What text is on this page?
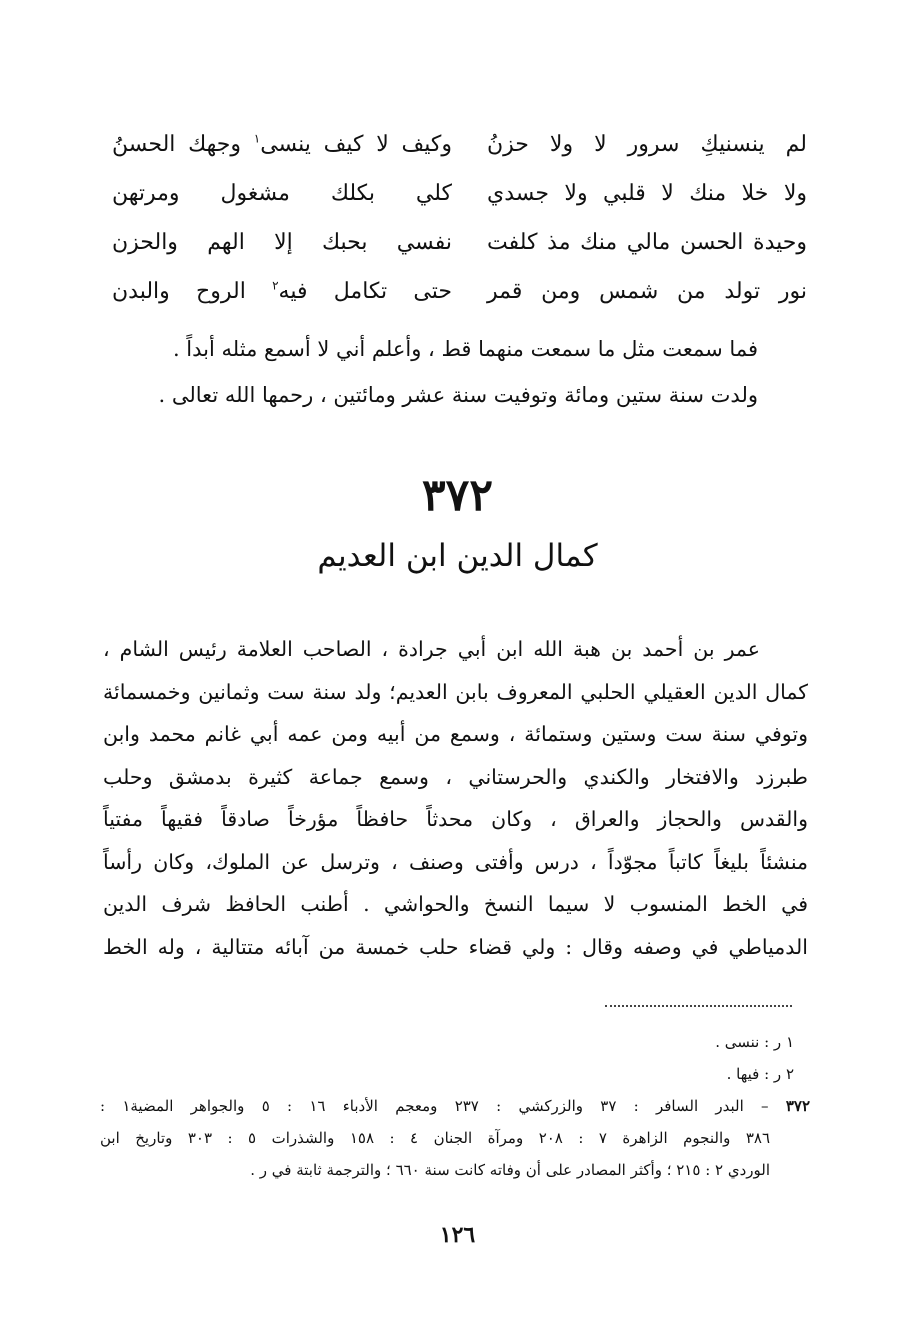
لم ينسنيكِ سرور لا ولا حزنُ
وكيف لا كيف ينسى$^١$ وجهك الحسنُ
ولا خلا منك لا قلبي ولا جسدي
كلي بكلك مشغول ومرتهن
وحيدة الحسن مالي منك مذ كلفت
نفسي بحبك إلا الهم والحزن
نور تولد من شمس ومن قمر
حتى تكامل فيه$^٢$ الروح والبدن

فما سمعت مثل ما سمعت منهما قط ، وأعلم أني لا أسمع مثله أبداً .

ولدت سنة ستين ومائة وتوفيت سنة عشر ومائتين ، رحمها الله تعالى .

٣٧٢
كمال الدين ابن العديم

عمر بن أحمد بن هبة الله ابن أبي جرادة ، الصاحب العلامة رئيس الشام ،

كمال الدين العقيلي الحلبي المعروف بابن العديم؛ ولد سنة ست وثمانين وخمسمائة

وتوفي سنة ست وستين وستمائة ، وسمع من أبيه ومن عمه أبي غانم محمد وابن

طبرزد والافتخار والكندي والحرستاني ، وسمع جماعة كثيرة بدمشق وحلب

والقدس والحجاز والعراق ، وكان محدثاً حافظاً مؤرخاً صادقاً فقيهاً مفتياً

منشئاً بليغاً كاتباً مجوّداً ، درس وأفتى وصنف ، وترسل عن الملوك، وكان رأساً

في الخط المنسوب لا سيما النسخ والحواشي . أطنب الحافظ شرف الدين

الدمياطي في وصفه وقال : ولي قضاء حلب خمسة من آبائه متتالية ، وله الخط

١ ر : ننسى .

٢ ر : فيها .

٣٧٢ – البدر السافر : ٣٧ والزركشي : ٢٣٧ ومعجم الأدباء ١٦ : ٥ والجواهر المضية١ :

٣٨٦ والنجوم الزاهرة ٧ : ٢٠٨ ومرآة الجنان ٤ : ١٥٨ والشذرات ٥ : ٣٠٣ وتاريخ ابن

الوردي ٢ : ٢١٥ ؛ وأكثر المصادر على أن وفاته كانت سنة ٦٦٠ ؛ والترجمة ثابتة في ر .

١٢٦
